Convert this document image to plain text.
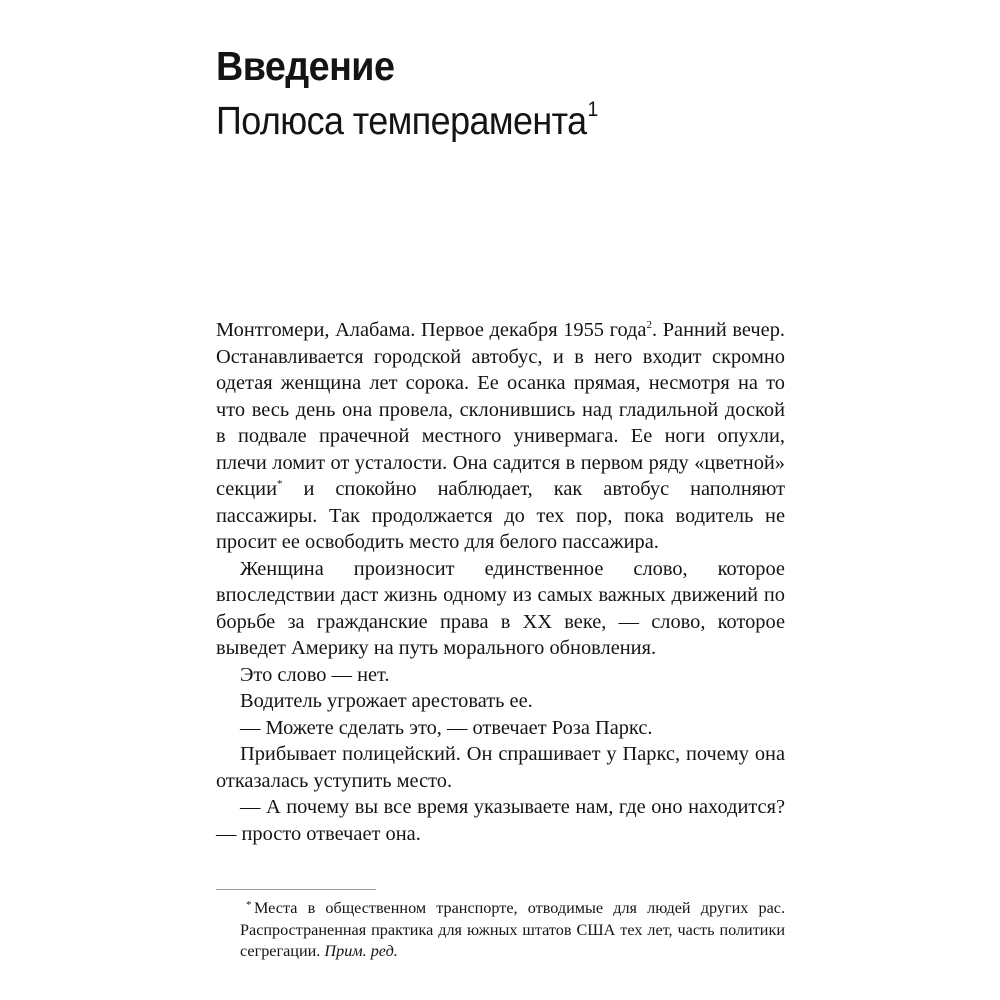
Введение
Полюса темперамента$^1$

Монтгомери, Алабама. Первое декабря 1955 года$^2$. Ранний вечер. Останавливается городской автобус, и в него входит скромно одетая женщина лет сорока. Ее осанка прямая, несмотря на то что весь день она провела, склонившись над гладильной доской в подвале прачечной местного универмага. Ее ноги опухли, плечи ломит от усталости. Она садится в первом ряду «цветной» секции* и спокойно наблюдает, как автобус наполняют пассажиры. Так продолжается до тех пор, пока водитель не просит ее освободить место для белого пассажира.

Женщина произносит единственное слово, которое впоследствии даст жизнь одному из самых важных движений по борьбе за гражданские права в XX веке, — слово, которое выведет Америку на путь морального обновления.

Это слово — нет.

Водитель угрожает арестовать ее.

— Можете сделать это, — отвечает Роза Паркс.

Прибывает полицейский. Он спрашивает у Паркс, почему она отказалась уступить место.

— А почему вы все время указываете нам, где оно находится? — просто отвечает она.

* Места в общественном транспорте, отводимые для людей других рас. Распространенная практика для южных штатов США тех лет, часть политики сегрегации. Прим. ред.
